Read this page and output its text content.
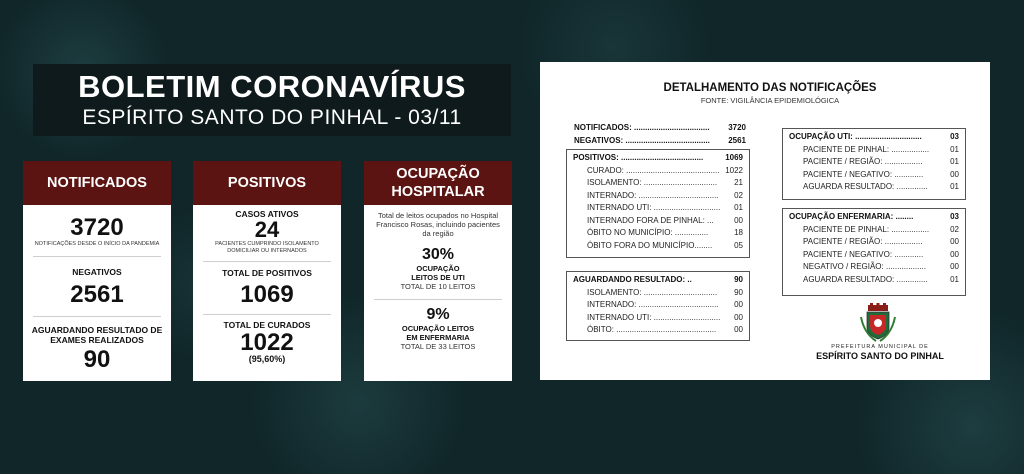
BOLETIM CORONAVÍRUS
ESPÍRITO SANTO DO PINHAL - 03/11
NOTIFICADOS
3720
NOTIFICAÇÕES DESDE O INÍCIO DA PANDEMIA
NEGATIVOS
2561
AGUARDANDO RESULTADO DE EXAMES REALIZADOS
90
POSITIVOS
CASOS ATIVOS
24
PACIENTES CUMPRINDO ISOLAMENTO DOMICILIAR OU INTERNADOS
TOTAL DE POSITIVOS
1069
TOTAL DE CURADOS
1022
(95,60%)
OCUPAÇÃO
HOSPITALAR
Total de leitos ocupados no Hospital Francisco Rosas, incluindo pacientes da região
30%
OCUPAÇÃO LEITOS DE UTI
TOTAL DE 10 LEITOS
9%
OCUPAÇÃO LEITOS EM ENFERMARIA
TOTAL DE 33 LEITOS
DETALHAMENTO DAS NOTIFICAÇÕES
FONTE: VIGILÂNCIA EPIDEMIOLÓGICA
NOTIFICADOS: .................................. 3720
NEGATIVOS: ...................................... 2561
POSITIVOS: .....................................	1069
CURADO: .......................................... 1022
ISOLAMENTO: ................................. 21
INTERNADO: .................................... 02
INTERNADO UTI: .............................. 01
INTERNADO FORA DE PINHAL: ...	00
ÓBITO NO MUNICÍPIO: ...............	18
ÓBITO FORA DO MUNICÍPIO........	05
AGUARDANDO RESULTADO: ..	90
ISOLAMENTO: ................................. 90
INTERNADO: .................................... 00
INTERNADO UTI: .............................. 00
ÓBITO: ............................................. 00
OCUPAÇÃO UTI: ..............................	03
PACIENTE DE PINHAL: .................	01
PACIENTE / REGIÃO: .................	01
PACIENTE / NEGATIVO: .............	00
AGUARDA RESULTADO: ..............	01
OCUPAÇÃO ENFERMARIA: ........	03
PACIENTE DE PINHAL: .................	02
PACIENTE / REGIÃO: .................	00
PACIENTE / NEGATIVO: .............	00
NEGATIVO / REGIÃO: ..................	00
AGUARDA RESULTADO: ..............	01
PREFEITURA MUNICIPAL DE
ESPÍRITO SANTO DO PINHAL
